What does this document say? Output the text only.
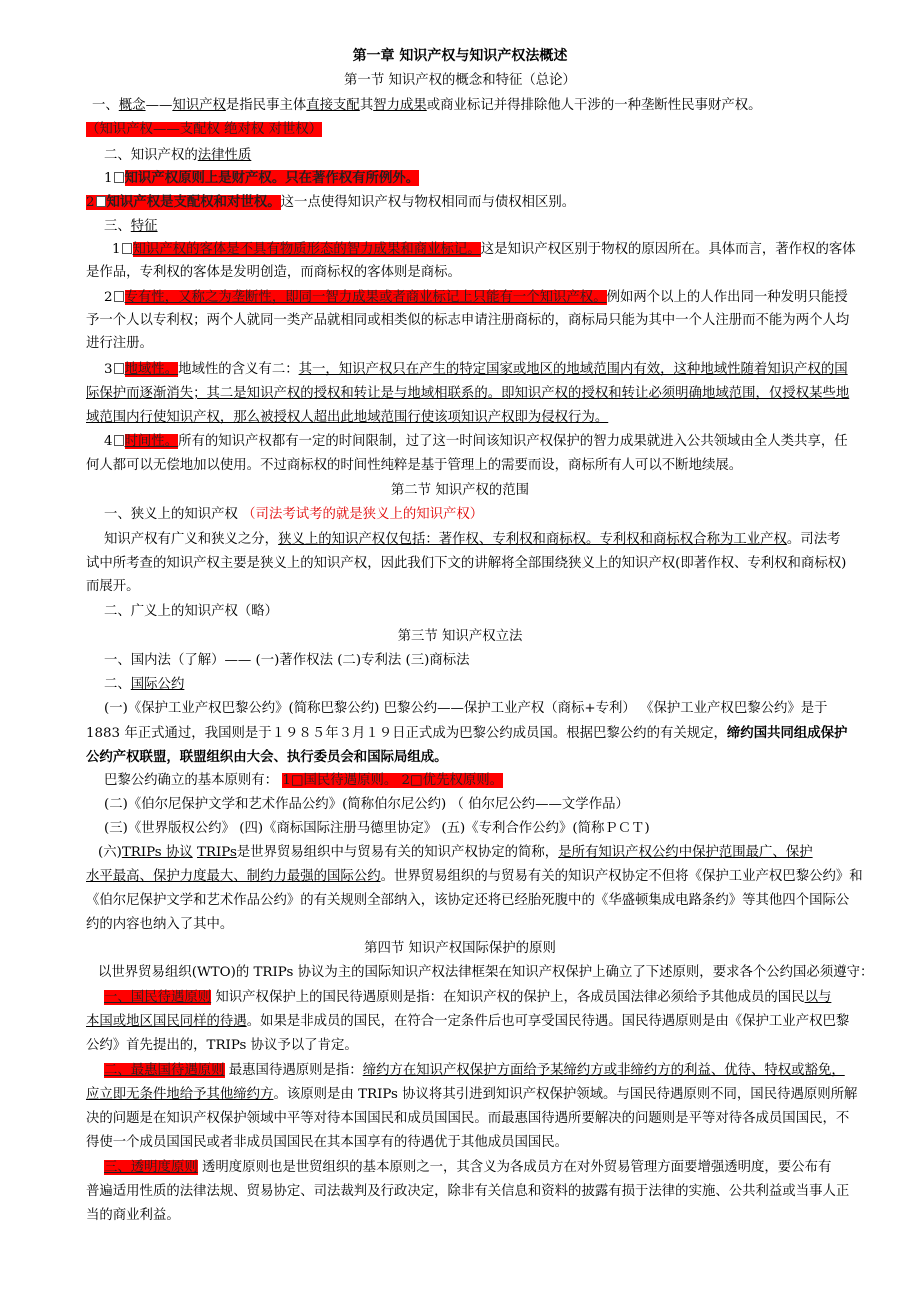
第一章 知识产权与知识产权法概述
第一节 知识产权的概念和特征（总论）
一、概念——知识产权是指民事主体直接支配其智力成果或商业标记并得排除他人干涉的一种垄断性民事财产权。
（知识产权——支配权 绝对权 对世权）
二、知识产权的法律性质
1 知识产权原则上是财产权。只在著作权有所例外。
2 知识产权是支配权和对世权。这一点使得知识产权与物权相同而与债权相区别。
三、特征
1 知识产权的客体是不具有物质形态的智力成果和商业标记。这是知识产权区别于物权的原因所在。具体而言，著作权的客体
是作品，专利权的客体是发明创造，而商标权的客体则是商标。
2 专有性，又称之为垄断性，即同一智力成果或者商业标记上只能有一个知识产权。例如两个以上的人作出同一种发明只能授
予一个人以专利权；两个人就同一类产品就相同或相类似的标志申请注册商标的，商标局只能为其中一个人注册而不能为两个人均
进行注册。
3 地域性。地域性的含义有二：其一，知识产权只在产生的特定国家或地区的地域范围内有效，这种地域性随着知识产权的国
际保护而逐渐消失；其二是知识产权的授权和转让是与地域相联系的。即知识产权的授权和转让必须明确地域范围，仅授权某些地
域范围内行使知识产权，那么被授权人超出此地域范围行使该项知识产权即为侵权行为。
4 时间性。所有的知识产权都有一定的时间限制，过了这一时间该知识产权保护的智力成果就进入公共领域由全人类共享，任
何人都可以无偿地加以使用。不过商标权的时间性纯粹是基于管理上的需要而设，商标所有人可以不断地续展。
第二节 知识产权的范围
一、狭义上的知识产权 （司法考试考的就是狭义上的知识产权）
知识产权有广义和狭义之分，狭义上的知识产权仅包括：著作权、专利权和商标权。专利权和商标权合称为工业产权。司法考
试中所考查的知识产权主要是狭义上的知识产权，因此我们下文的讲解将全部围绕狭义上的知识产权(即著作权、专利权和商标权)
而展开。
二、广义上的知识产权（略）
第三节 知识产权立法
一、国内法（了解）—— (一)著作权法 (二)专利法 (三)商标法
二、国际公约
(一)《保护工业产权巴黎公约》(简称巴黎公约) 巴黎公约——保护工业产权（商标+专利） 《保护工业产权巴黎公约》是于
1883 年正式通过，我国则是于１９８５年３月１９日正式成为巴黎公约成员国。根据巴黎公约的有关规定，缔约国共同组成保护
公约产权联盟，联盟组织由大会、执行委员会和国际局组成。
巴黎公约确立的基本原则有： 1□国民待遇原则。 2□优先权原则。
(二)《伯尔尼保护文学和艺术作品公约》(简称伯尔尼公约) （ 伯尔尼公约——文学作品）
(三)《世界版权公约》 (四)《商标国际注册马德里协定》 (五)《专利合作公约》(简称ＰＣＴ)
(六)TRIPs 协议 TRIPs是世界贸易组织中与贸易有关的知识产权协定的简称，是所有知识产权公约中保护范围最广、保护
水平最高、保护力度最大、制约力最强的国际公约。世界贸易组织的与贸易有关的知识产权协定不但将《保护工业产权巴黎公约》和
《伯尔尼保护文学和艺术作品公约》的有关规则全部纳入，该协定还将已经胎死腹中的《华盛顿集成电路条约》等其他四个国际公
约的内容也纳入了其中。
第四节 知识产权国际保护的原则
以世界贸易组织(WTO)的 TRIPs 协议为主的国际知识产权法律框架在知识产权保护上确立了下述原则，要求各个公约国必须遵守：
一、国民待遇原则 知识产权保护上的国民待遇原则是指：在知识产权的保护上，各成员国法律必须给予其他成员的国民以与
本国或地区国民同样的待遇。如果是非成员的国民，在符合一定条件后也可享受国民待遇。国民待遇原则是由《保护工业产权巴黎
公约》首先提出的，TRIPs 协议予以了肯定。
二、最惠国待遇原则 最惠国待遇原则是指：缔约方在知识产权保护方面给予某缔约方或非缔约方的利益、优待、特权或豁免，
应立即无条件地给予其他缔约方。该原则是由 TRIPs 协议将其引进到知识产权保护领域。与国民待遇原则不同，国民待遇原则所解
决的问题是在知识产权保护领域中平等对待本国国民和成员国国民。而最惠国待遇所要解决的问题则是平等对待各成员国国民，不
得使一个成员国国民或者非成员国国民在其本国享有的待遇优于其他成员国国民。
三、透明度原则 透明度原则也是世贸组织的基本原则之一，其含义为各成员方在对外贸易管理方面要增强透明度，要公布有
普遍适用性质的法律法规、贸易协定、司法裁判及行政决定，除非有关信息和资料的披露有损于法律的实施、公共利益或当事人正
当的商业利益。
